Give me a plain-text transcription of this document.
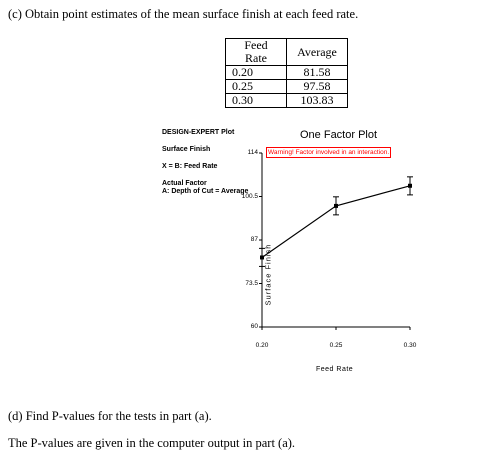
(c) Obtain point estimates of the mean surface finish at each feed rate.
Feed Rate	Average
0.20	81.58
0.25	97.58
0.30	103.83
DESIGN-EXPERT Plot
Surface Finish
X = B: Feed Rate
Actual Factor
A: Depth of Cut = Average
One Factor Plot
Warning! Factor involved in an interaction.
114
100.5
87
73.5
60
0.20	0.25	0.30
Surface Finish
Feed Rate
(d) Find P-values for the tests in part (a).
The P-values are given in the computer output in part (a).
